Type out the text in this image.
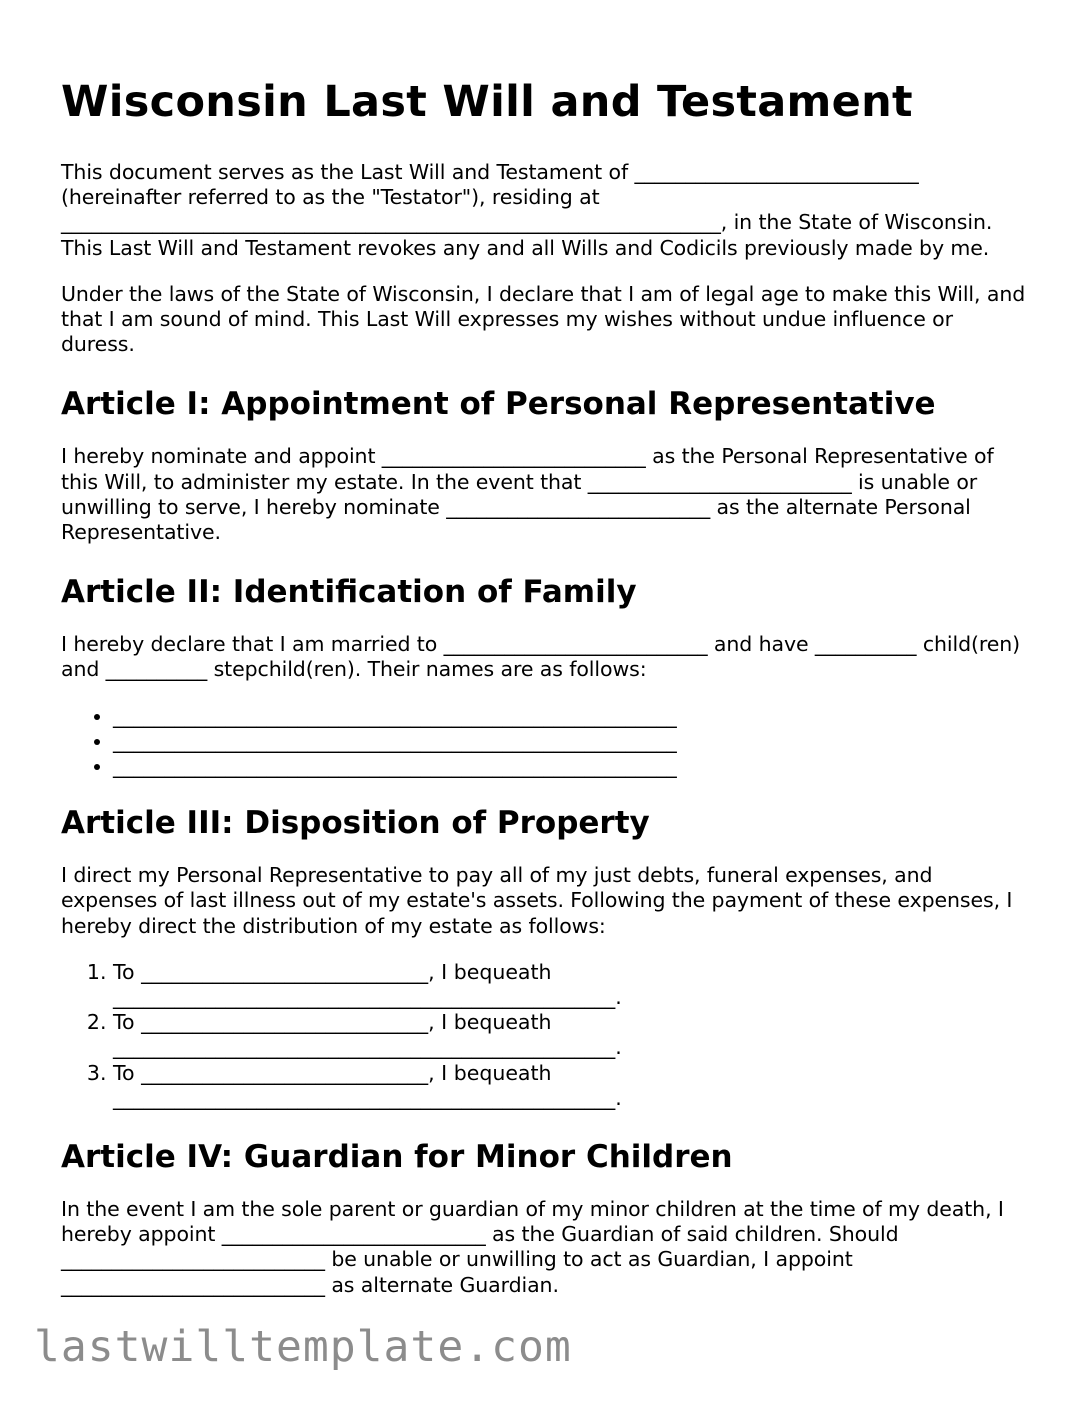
Wisconsin Last Will and Testament

This document serves as the Last Will and Testament of ____________________________ (hereinafter referred to as the "Testator"), residing at _________________________________________________________________, in the State of Wisconsin. This Last Will and Testament revokes any and all Wills and Codicils previously made by me.

Under the laws of the State of Wisconsin, I declare that I am of legal age to make this Will, and that I am sound of mind. This Last Will expresses my wishes without undue influence or duress.

Article I: Appointment of Personal Representative

I hereby nominate and appoint __________________________ as the Personal Representative of this Will, to administer my estate. In the event that __________________________ is unable or unwilling to serve, I hereby nominate __________________________ as the alternate Personal Representative.

Article II: Identification of Family

I hereby declare that I am married to __________________________ and have __________ child(ren) and __________ stepchild(ren). Their names are as follows:

• _______________________________________________________
• _______________________________________________________
• _______________________________________________________
Article III: Disposition of Property

I direct my Personal Representative to pay all of my just debts, funeral expenses, and expenses of last illness out of my estate's assets. Following the payment of these expenses, I hereby direct the distribution of my estate as follows:

1. To ____________________________, I bequeath _________________________________________________.
2. To ____________________________, I bequeath _________________________________________________.
3. To ____________________________, I bequeath _________________________________________________.
Article IV: Guardian for Minor Children

In the event I am the sole parent or guardian of my minor children at the time of my death, I hereby appoint __________________________ as the Guardian of said children. Should __________________________ be unable or unwilling to act as Guardian, I appoint __________________________ as alternate Guardian.

lastwilltemplate.com
